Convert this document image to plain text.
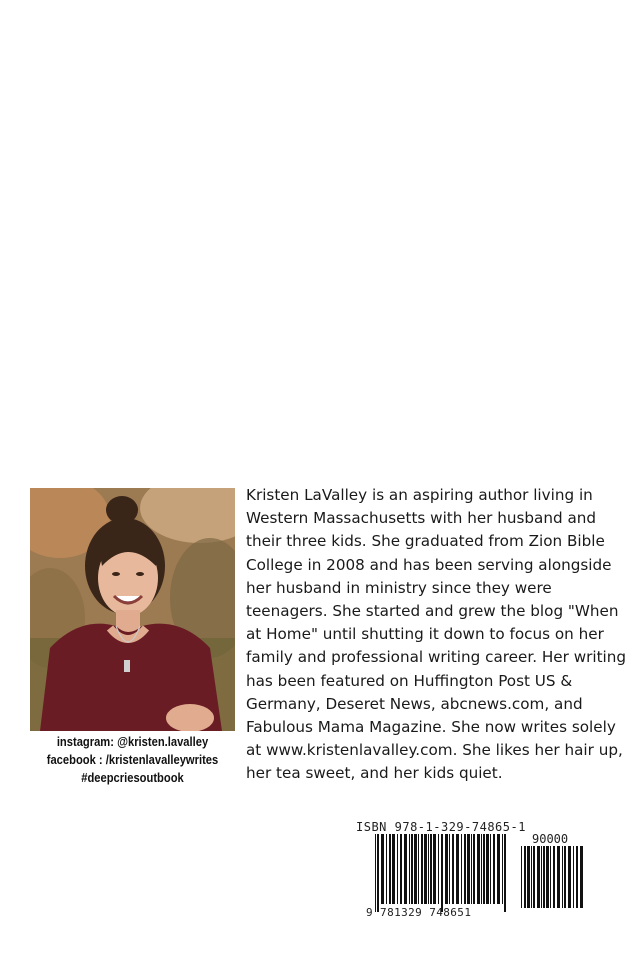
instagram: @kristen.lavalley
facebook : /kristenlavalleywrites
#deepcriesoutbook
Kristen LaValley is an aspiring author living in Western Massachusetts with her husband and their three kids. She graduated from Zion Bible College in 2008 and has been serving alongside her husband in ministry since they were teenagers. She started and grew the blog "When at Home" until shutting it down to focus on her family and professional writing career. Her writing has been featured on Huffington Post US & Germany, Deseret News, abcnews.com, and Fabulous Mama Magazine. She now writes solely at www.kristenlavalley.com. She likes her hair up, her tea sweet, and her kids quiet.
ISBN 978-1-329-74865-1
90000
9 781329 748651
